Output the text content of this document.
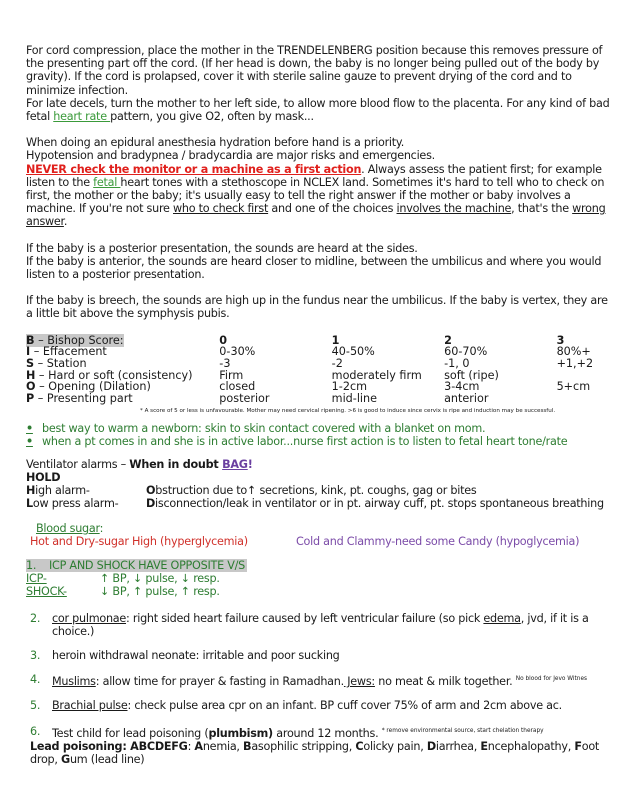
For cord compression, place the mother in the TRENDELENBERG position because this removes pressure of the presenting part off the cord. (If her head is down, the baby is no longer being pulled out of the body by gravity). If the cord is prolapsed, cover it with sterile saline gauze to prevent drying of the cord and to minimize infection.

For late decels, turn the mother to her left side, to allow more blood flow to the placenta. For any kind of bad fetal heart rate pattern, you give O2, often by mask...

When doing an epidural anesthesia hydration before hand is a priority.

Hypotension and bradypnea / bradycardia are major risks and emergencies.

NEVER check the monitor or a machine as a first action. Always assess the patient first; for example listen to the fetal heart tones with a stethoscope in NCLEX land. Sometimes it's hard to tell who to check on first, the mother or the baby; it's usually easy to tell the right answer if the mother or baby involves a machine. If you're not sure who to check first and one of the choices involves the machine, that's the wrong answer.

If the baby is a posterior presentation, the sounds are heard at the sides.

If the baby is anterior, the sounds are heard closer to midline, between the umbilicus and where you would listen to a posterior presentation.

If the baby is breech, the sounds are high up in the fundus near the umbilicus. If the baby is vertex, they are a little bit above the symphysis pubis.

B – Bishop Score:	0	1	2	3
I – Effacement	0-30%	40-50%	60-70%	80%+
S – Station	-3	-2	-1, 0	+1,+2
H – Hard or soft (consistency)	Firm	moderately firm	soft (ripe)	
O – Opening (Dilation)	closed	1-2cm	3-4cm	5+cm
P – Presenting part	posterior	mid-line	anterior	
* A score of 5 or less is unfavourable. Mother may need cervical ripening. >6 is good to induce since cervix is ripe and induction may be successful.
• best way to warm a newborn: skin to skin contact covered with a blanket on mom.
• when a pt comes in and she is in active labor...nurse first action is to listen to fetal heart tone/rate

Ventilator alarms – When in doubt BAG!

HOLD

High alarm-	Obstruction due to↑ secretions, kink, pt. coughs, gag or bites
Low press alarm-	Disconnection/leak in ventilator or in pt. airway cuff, pt. stops spontaneous breathing

Blood sugar:

Hot and Dry-sugar High (hyperglycemia)	Cold and Clammy-need some Candy (hypoglycemia)
1. ICP AND SHOCK HAVE OPPOSITE V/S
ICP-	↑ BP, ↓ pulse, ↓ resp.
SHOCK-	↓ BP, ↑ pulse, ↑ resp.
2.	cor pulmonae: right sided heart failure caused by left ventricular failure (so pick edema, jvd, if it is a choice.)
3.	heroin withdrawal neonate: irritable and poor sucking
4.	Muslims: allow time for prayer & fasting in Ramadhan. Jews: no meat & milk together. $^{No blood for Jevo Witnes}$
5.	Brachial pulse: check pulse area cpr on an infant. BP cuff cover 75% of arm and 2cm above ac.
6.	Test child for lead poisoning (plumbism) around 12 months. $^{* remove environmental source, start chelation therapy}$

Lead poisoning: ABCDEFG: Anemia, Basophilic stripping, Colicky pain, Diarrhea, Encephalopathy, Foot drop, Gum (lead line)
